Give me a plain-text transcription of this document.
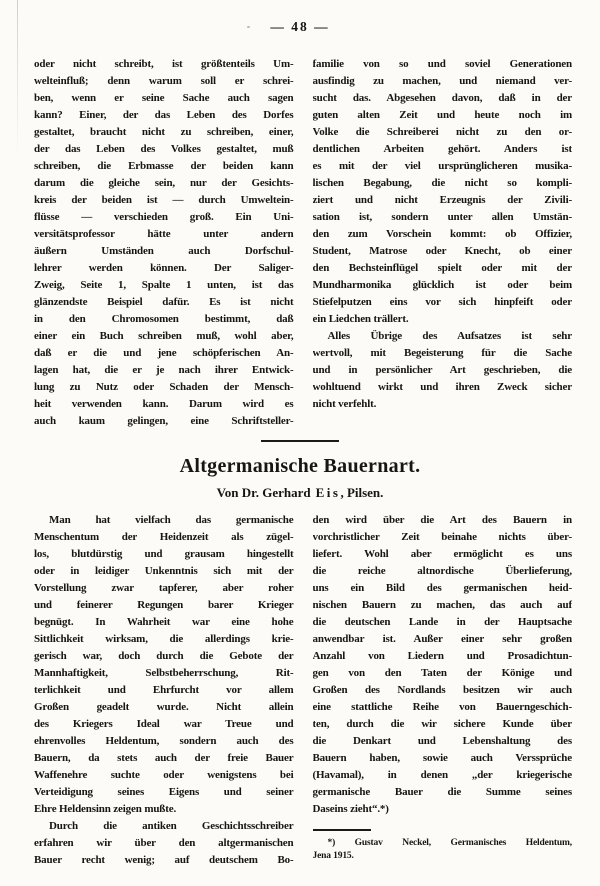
— 48 —
oder nicht schreibt, ist größtenteils Um-
welteinfluß; denn warum soll er schrei-
ben, wenn er seine Sache auch sagen
kann? Einer, der das Leben des Dorfes
gestaltet, braucht nicht zu schreiben, einer,
der das Leben des Volkes gestaltet, muß
schreiben, die Erbmasse der beiden kann
darum die gleiche sein, nur der Gesichts-
kreis der beiden ist — durch Umweltein-
flüsse — verschieden groß. Ein Uni-
versitätsprofessor hätte unter andern
äußern Umständen auch Dorfschul-
lehrer werden können. Der Saliger-
Zweig, Seite 1, Spalte 1 unten, ist das
glänzendste Beispiel dafür. Es ist nicht
in den Chromosomen bestimmt, daß
einer ein Buch schreiben muß, wohl aber,
daß er die und jene schöpferischen An-
lagen hat, die er je nach ihrer Entwick-
lung zu Nutz oder Schaden der Mensch-
heit verwenden kann. Darum wird es
auch kaum gelingen, eine Schriftsteller-
familie von so und soviel Generationen
ausfindig zu machen, und niemand ver-
sucht das. Abgesehen davon, daß in der
guten alten Zeit und heute noch im
Volke die Schreiberei nicht zu den or-
dentlichen Arbeiten gehört. Anders ist
es mit der viel ursprünglicheren musika-
lischen Begabung, die nicht so kompli-
ziert und nicht Erzeugnis der Zivili-
sation ist, sondern unter allen Umstän-
den zum Vorschein kommt: ob Offizier,
Student, Matrose oder Knecht, ob einer
den Bechsteinflügel spielt oder mit der
Mundharmonika glücklich ist oder beim
Stiefelputzen eins vor sich hinpfeift oder
ein Liedchen trällert.
Alles Übrige des Aufsatzes ist sehr
wertvoll, mit Begeisterung für die Sache
und in persönlicher Art geschrieben, die
wohltuend wirkt und ihren Zweck sicher
nicht verfehlt.
Altgermanische Bauernart.
Von Dr. Gerhard Eis, Pilsen.
Man hat vielfach das germanische
Menschentum der Heidenzeit als zügel-
los, blutdürstig und grausam hingestellt
oder in leidiger Unkenntnis sich mit der
Vorstellung zwar tapferer, aber roher
und feinerer Regungen barer Krieger
begnügt. In Wahrheit war eine hohe
Sittlichkeit wirksam, die allerdings krie-
gerisch war, doch durch die Gebote der
Mannhaftigkeit, Selbstbeherrschung, Rit-
terlichkeit und Ehrfurcht vor allem
Großen geadelt wurde. Nicht allein
des Kriegers Ideal war Treue und
ehrenvolles Heldentum, sondern auch des
Bauern, da stets auch der freie Bauer
Waffenehre suchte oder wenigstens bei
Verteidigung seines Eigens und seiner
Ehre Heldensinn zeigen mußte.
Durch die antiken Geschichtsschreiber
erfahren wir über den altgermanischen
Bauer recht wenig; auf deutschem Bo-
den wird über die Art des Bauern in
vorchristlicher Zeit beinahe nichts über-
liefert. Wohl aber ermöglicht es uns
die reiche altnordische Überlieferung,
uns ein Bild des germanischen heid-
nischen Bauern zu machen, das auch auf
die deutschen Lande in der Hauptsache
anwendbar ist. Außer einer sehr großen
Anzahl von Liedern und Prosadichtun-
gen von den Taten der Könige und
Großen des Nordlands besitzen wir auch
eine stattliche Reihe von Bauerngeschich-
ten, durch die wir sichere Kunde über
die Denkart und Lebenshaltung des
Bauern haben, sowie auch Verssprüche
(Havamal), in denen „der kriegerische
germanische Bauer die Summe seines
Daseins zieht“.*)
*) Gustav Neckel, Germanisches Heldentum,
Jena 1915.
